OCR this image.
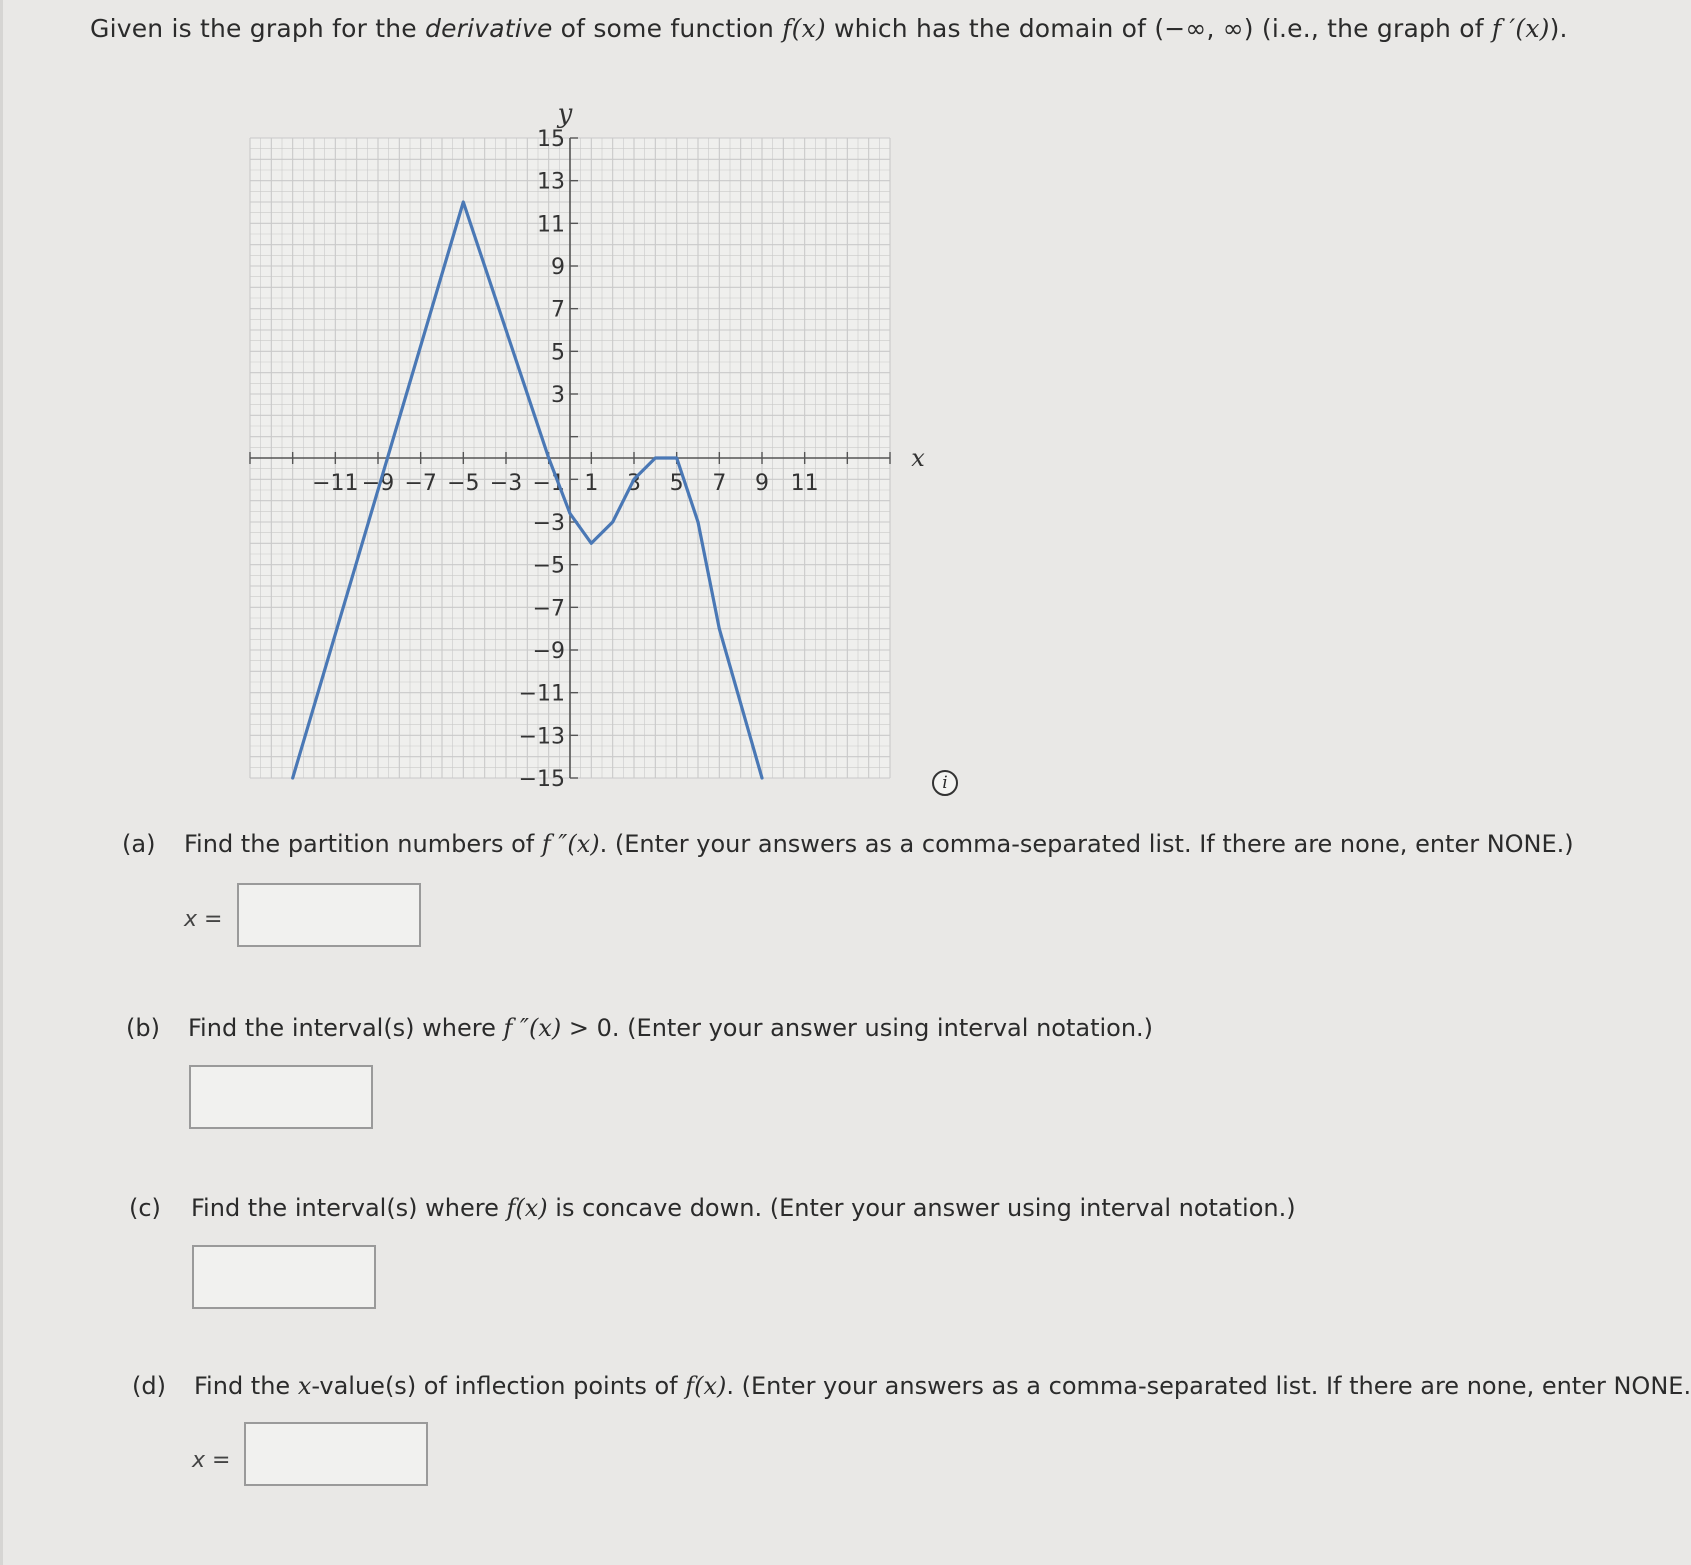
Given is the graph for the derivative of some function f(x) which has the domain of (−∞, ∞) (i.e., the graph of f ′(x)).
−11 −9 −7 −5 −3 −1 1 3 5 7 9 11
15
13
11
9
7
5
3
−3
−5
−7
−9
−11
−13
−15
y
x
i
(a) Find the partition numbers of f ″(x). (Enter your answers as a comma-separated list. If there are none, enter NONE.)
x =
(b) Find the interval(s) where f ″(x) > 0. (Enter your answer using interval notation.)
(c) Find the interval(s) where f(x) is concave down. (Enter your answer using interval notation.)
(d) Find the x-value(s) of inflection points of f(x). (Enter your answers as a comma-separated list. If there are none, enter NONE.
x =
